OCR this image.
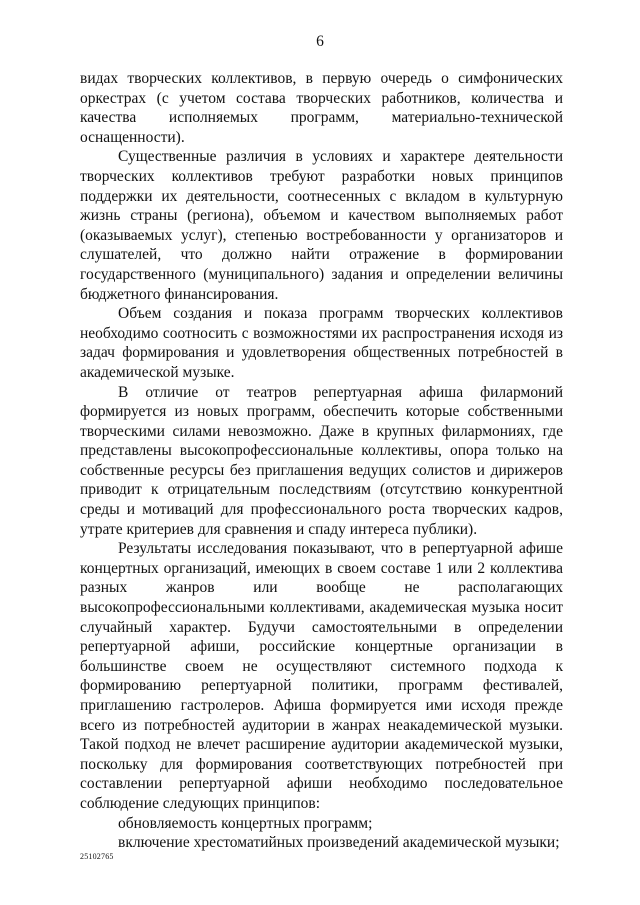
6

видах творческих коллективов, в первую очередь о симфонических оркестрах (с учетом состава творческих работников, количества и качества исполняемых программ, материально-технической оснащенности).

Существенные различия в условиях и характере деятельности творческих коллективов требуют разработки новых принципов поддержки их деятельности, соотнесенных с вкладом в культурную жизнь страны (региона), объемом и качеством выполняемых работ (оказываемых услуг), степенью востребованности у организаторов и слушателей, что должно найти отражение в формировании государственного (муниципального) задания и определении величины бюджетного финансирования.

Объем создания и показа программ творческих коллективов необходимо соотносить с возможностями их распространения исходя из задач формирования и удовлетворения общественных потребностей в академической музыке.

В отличие от театров репертуарная афиша филармоний формируется из новых программ, обеспечить которые собственными творческими силами невозможно. Даже в крупных филармониях, где представлены высокопрофессиональные коллективы, опора только на собственные ресурсы без приглашения ведущих солистов и дирижеров приводит к отрицательным последствиям (отсутствию конкурентной среды и мотиваций для профессионального роста творческих кадров, утрате критериев для сравнения и спаду интереса публики).

Результаты исследования показывают, что в репертуарной афише концертных организаций, имеющих в своем составе 1 или 2 коллектива разных жанров или вообще не располагающих высокопрофессиональными коллективами, академическая музыка носит случайный характер. Будучи самостоятельными в определении репертуарной афиши, российские концертные организации в большинстве своем не осуществляют системного подхода к формированию репертуарной политики, программ фестивалей, приглашению гастролеров. Афиша формируется ими исходя прежде всего из потребностей аудитории в жанрах неакадемической музыки. Такой подход не влечет расширение аудитории академической музыки, поскольку для формирования соответствующих потребностей при составлении репертуарной афиши необходимо последовательное соблюдение следующих принципов:

обновляемость концертных программ;

включение хрестоматийных произведений академической музыки;

25102765
